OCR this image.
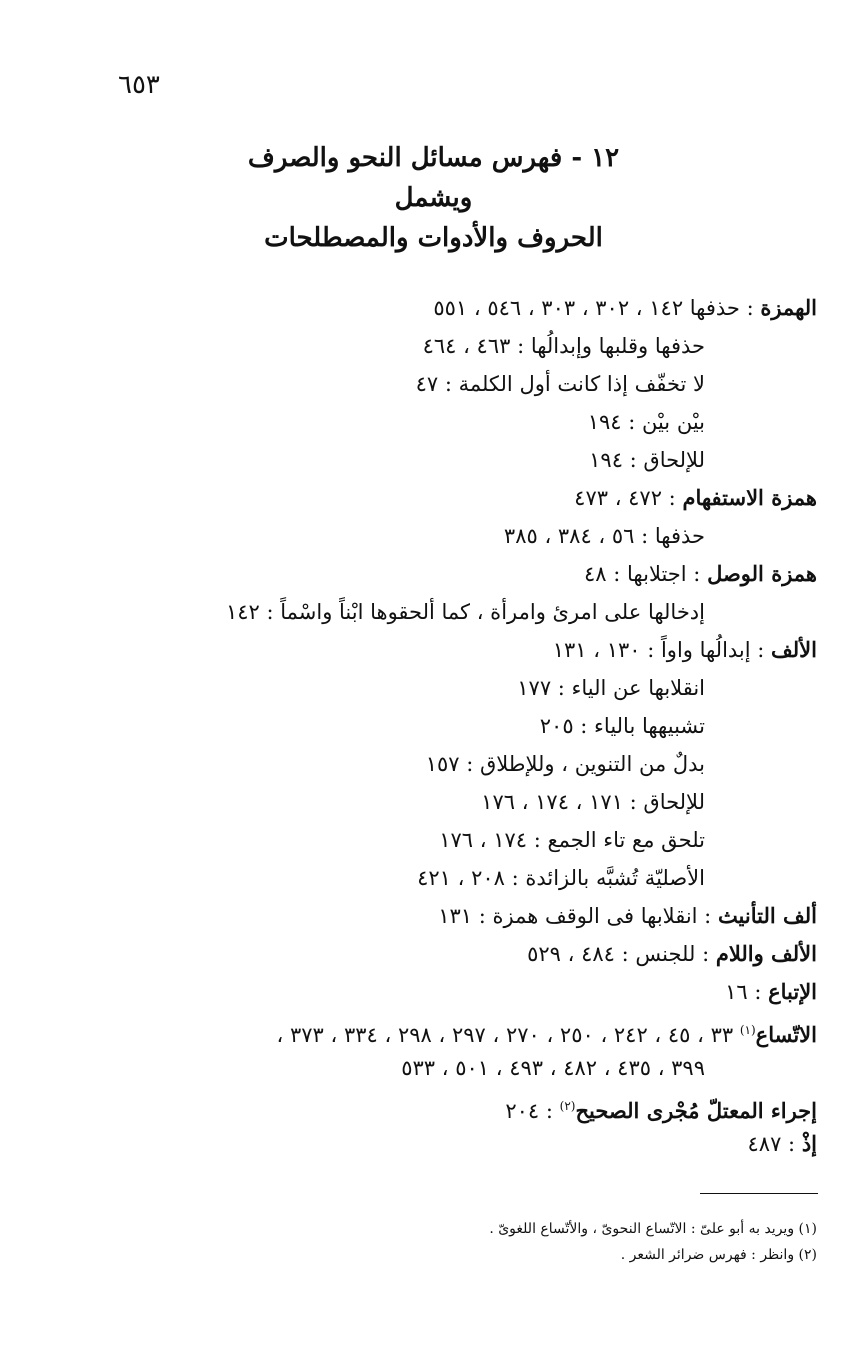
٦٥٣

١٢ - فهرس مسائل النحو والصرف

ويشمل

الحروف والأدوات والمصطلحات

الهمزة : حذفها ١٤٢ ، ٣٠٢ ، ٣٠٣ ، ٥٤٦ ، ٥٥١
حذفها وقلبها وإبدالُها : ٤٦٣ ، ٤٦٤
لا تخفّف إذا كانت أول الكلمة : ٤٧
بيْن بيْن : ١٩٤
للإلحاق : ١٩٤
همزة الاستفهام : ٤٧٢ ، ٤٧٣
حذفها : ٥٦ ، ٣٨٤ ، ٣٨٥
همزة الوصل : اجتلابها : ٤٨
إدخالها على امرئ وامرأة ، كما ألحقوها ابْناً واسْماً : ١٤٢
الألف : إبدالُها واواً : ١٣٠ ، ١٣١
انقلابها عن الياء : ١٧٧
تشبيهها بالياء : ٢٠٥
بدلٌ من التنوين ، وللإطلاق : ١٥٧
للإلحاق : ١٧١ ، ١٧٤ ، ١٧٦
تلحق مع تاء الجمع : ١٧٤ ، ١٧٦
الأصليّة تُشبَّه بالزائدة : ٢٠٨ ، ٤٢١
ألف التأنيث : انقلابها فى الوقف همزة : ١٣١
الألف واللام : للجنس : ٤٨٤ ، ٥٢٩
الإتباع : ١٦
الاتّساع$^{(١)}$ ٣٣ ، ٤٥ ، ٢٤٢ ، ٢٥٠ ، ٢٧٠ ، ٢٩٧ ، ٢٩٨ ، ٣٣٤ ، ٣٧٣ ،
٣٩٩ ، ٤٣٥ ، ٤٨٢ ، ٤٩٣ ، ٥٠١ ، ٥٣٣
إجراء المعتلّ مُجْرى الصحيح$^{(٢)}$ : ٢٠٤
إذْ : ٤٨٧
(١) ويريد به أبو علىّ : الاتّساع النحوىّ ، والأتّساع اللغوىّ .
(٢) وانظر : فهرس ضرائر الشعر .
